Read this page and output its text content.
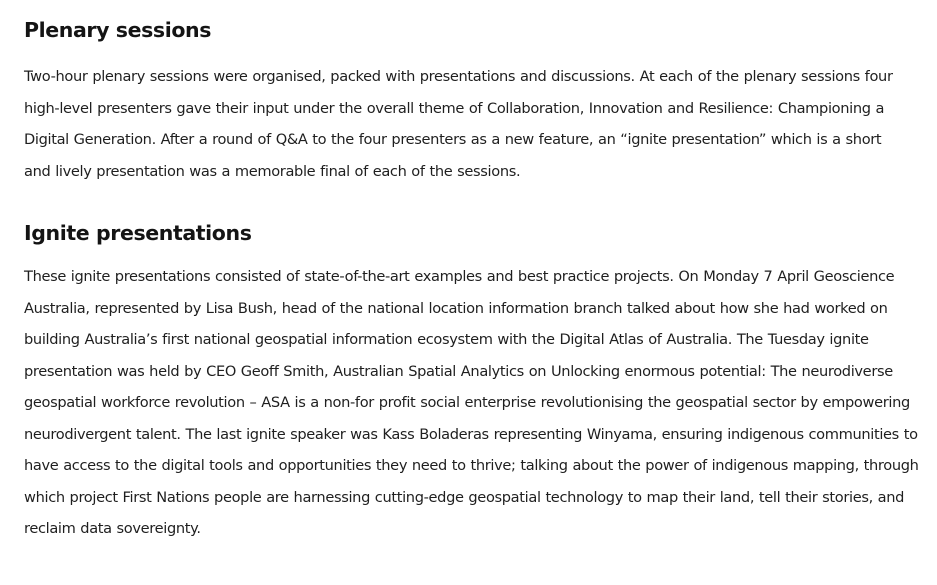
Plenary sessions

Two-hour plenary sessions were organised, packed with presentations and discussions. At each of the plenary sessions four high-level presenters gave their input under the overall theme of Collaboration, Innovation and Resilience: Championing a Digital Generation. After a round of Q&A to the four presenters as a new feature, an “ignite presentation” which is a short and lively presentation was a memorable final of each of the sessions.

Ignite presentations

These ignite presentations consisted of state-of-the-art examples and best practice projects. On Monday 7 April Geoscience Australia, represented by Lisa Bush, head of the national location information branch talked about how she had worked on building Australia’s first national geospatial information ecosystem with the Digital Atlas of Australia. The Tuesday ignite presentation was held by CEO Geoff Smith, Australian Spatial Analytics on Unlocking enormous potential: The neurodiverse geospatial workforce revolution – ASA is a non-for profit social enterprise revolutionising the geospatial sector by empowering neurodivergent talent. The last ignite speaker was Kass Boladeras representing Winyama, ensuring indigenous communities to have access to the digital tools and opportunities they need to thrive; talking about the power of indigenous mapping, through which project First Nations people are harnessing cutting-edge geospatial technology to map their land, tell their stories, and reclaim data sovereignty.
